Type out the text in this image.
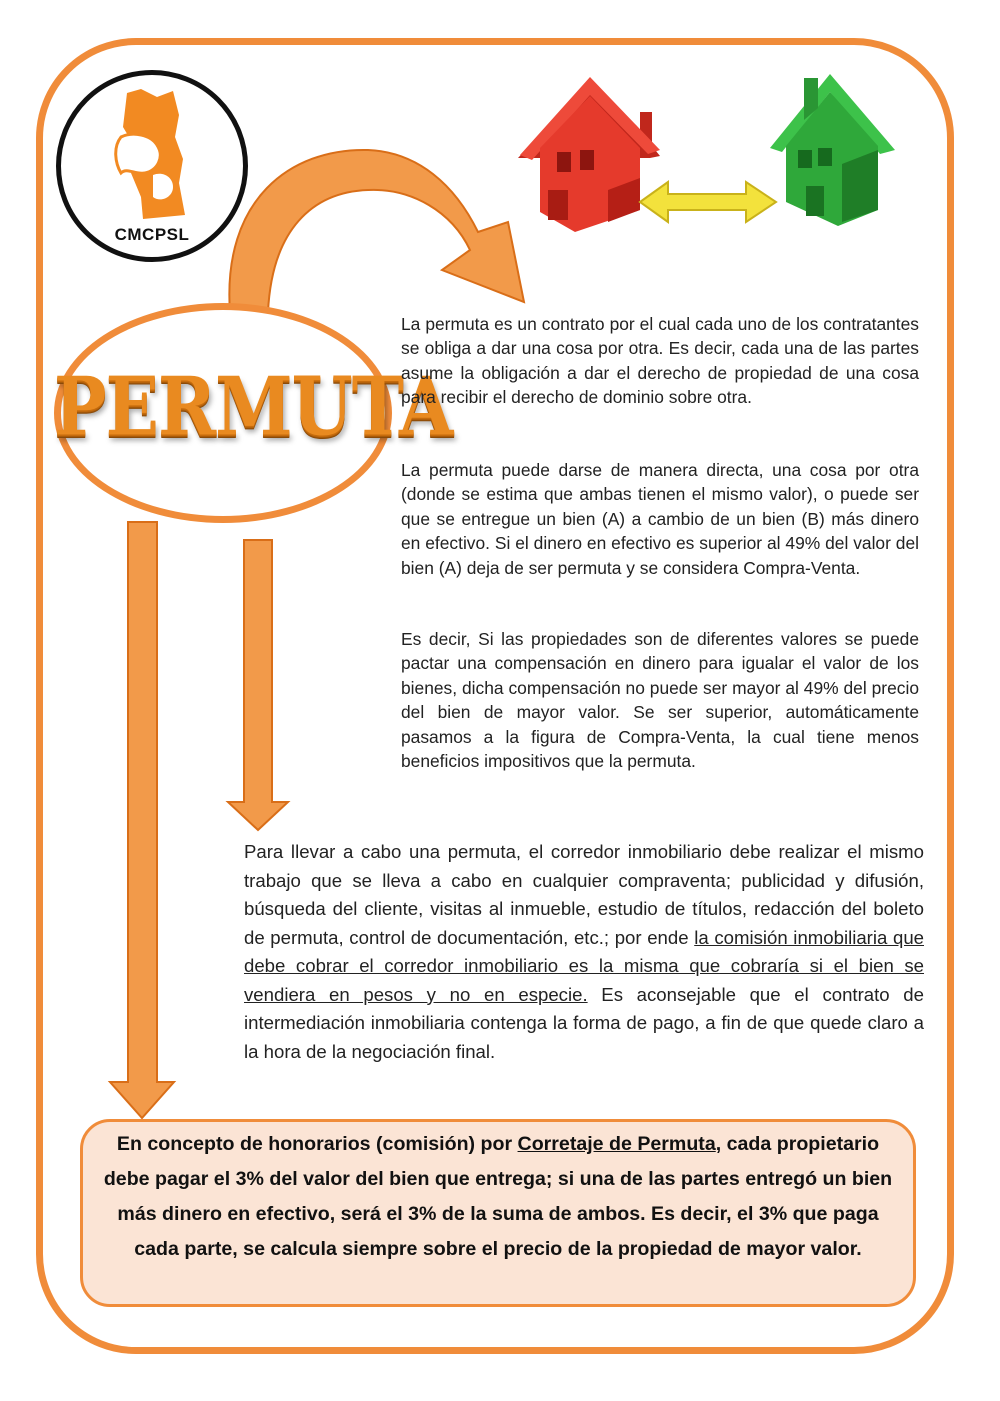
CMCPSL
PERMUTA

La permuta es un contrato por el cual cada uno de los contratantes se obliga a dar una cosa por otra. Es decir, cada una de las partes asume la obligación a dar el derecho de propiedad de una cosa para recibir el derecho de dominio sobre otra.

La permuta puede darse de manera directa, una cosa por otra (donde se estima que ambas tienen el mismo valor), o puede ser que se entregue un bien (A) a cambio de un bien (B) más dinero en efectivo. Si el dinero en efectivo es superior al 49% del valor del bien (A) deja de ser permuta y se considera Compra-Venta.

Es decir, Si las propiedades son de diferentes valores se puede pactar una compensación en dinero para igualar el valor de los bienes, dicha compensación no puede ser mayor al 49% del precio del bien de mayor valor. Se ser superior, automáticamente pasamos a la figura de Compra-Venta, la cual tiene menos beneficios impositivos que la permuta.

Para llevar a cabo una permuta, el corredor inmobiliario debe realizar el mismo trabajo que se lleva a cabo en cualquier compraventa; publicidad y difusión, búsqueda del cliente, visitas al inmueble, estudio de títulos, redacción del boleto de permuta, control de documentación, etc.; por ende la comisión inmobiliaria que debe cobrar el corredor inmobiliario es la misma que cobraría si el bien se vendiera en pesos y no en especie. Es aconsejable que el contrato de intermediación inmobiliaria contenga la forma de pago, a fin de que quede claro a la hora de la negociación final.

En concepto de honorarios (comisión) por Corretaje de Permuta, cada propietario debe pagar el 3% del valor del bien que entrega; si una de las partes entregó un bien más dinero en efectivo, será el 3% de la suma de ambos. Es decir, el 3% que paga cada parte, se calcula siempre sobre el precio de la propiedad de mayor valor.
